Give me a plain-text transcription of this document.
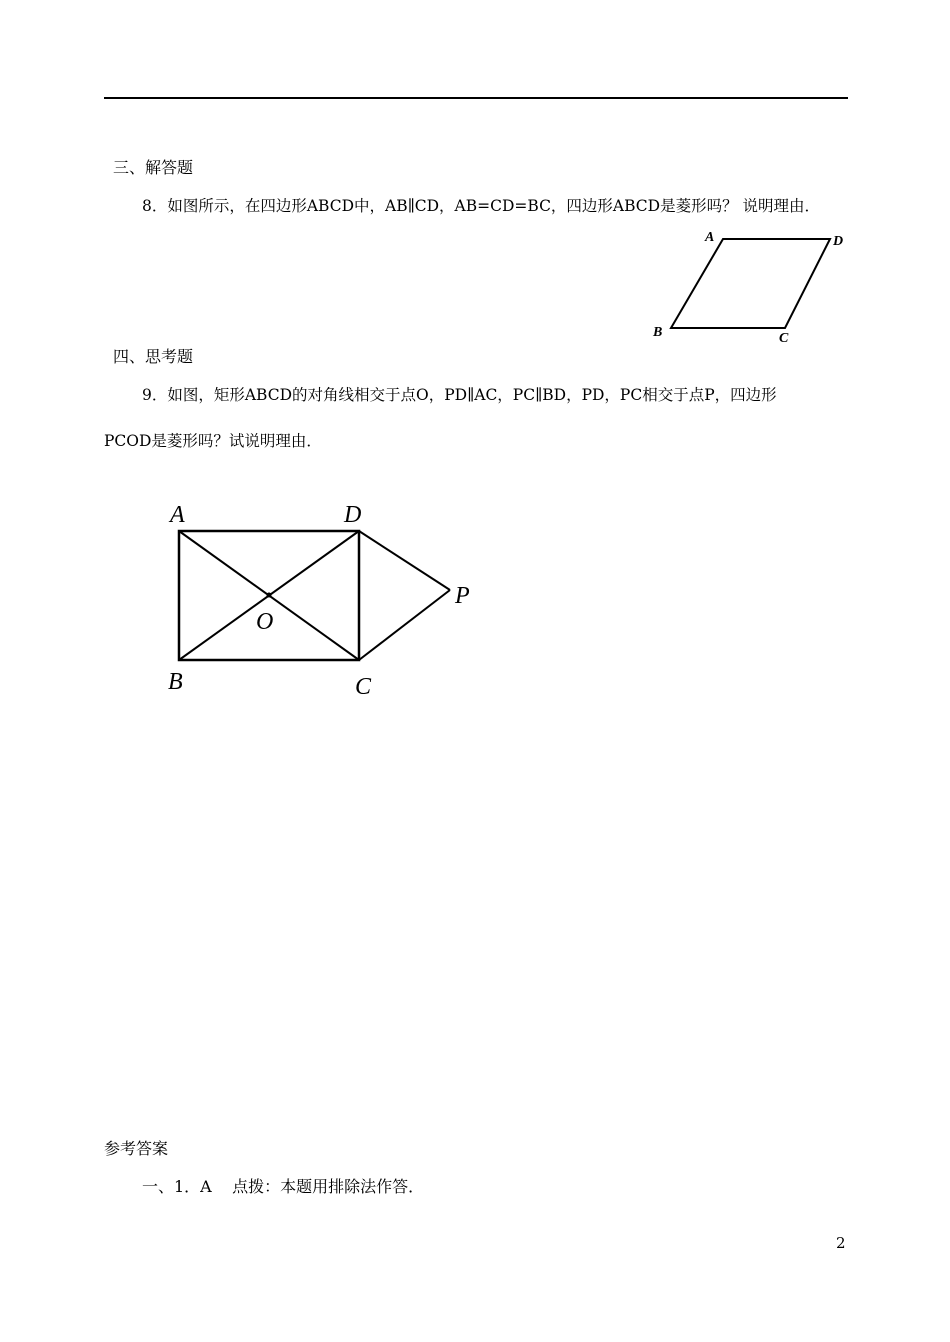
三、解答题
8．如图所示，在四边形ABCD中，AB∥CD，AB=CD=BC，四边形ABCD是菱形吗？ 说明理由．
A	D
B	C
四、思考题
9．如图，矩形ABCD的对角线相交于点O，PD∥AC，PC∥BD，PD，PC相交于点P，四边形
PCOD是菱形吗？试说明理由．
A	D
O
P
B	C
参考答案
一、1．A    点拨：本题用排除法作答．
2
